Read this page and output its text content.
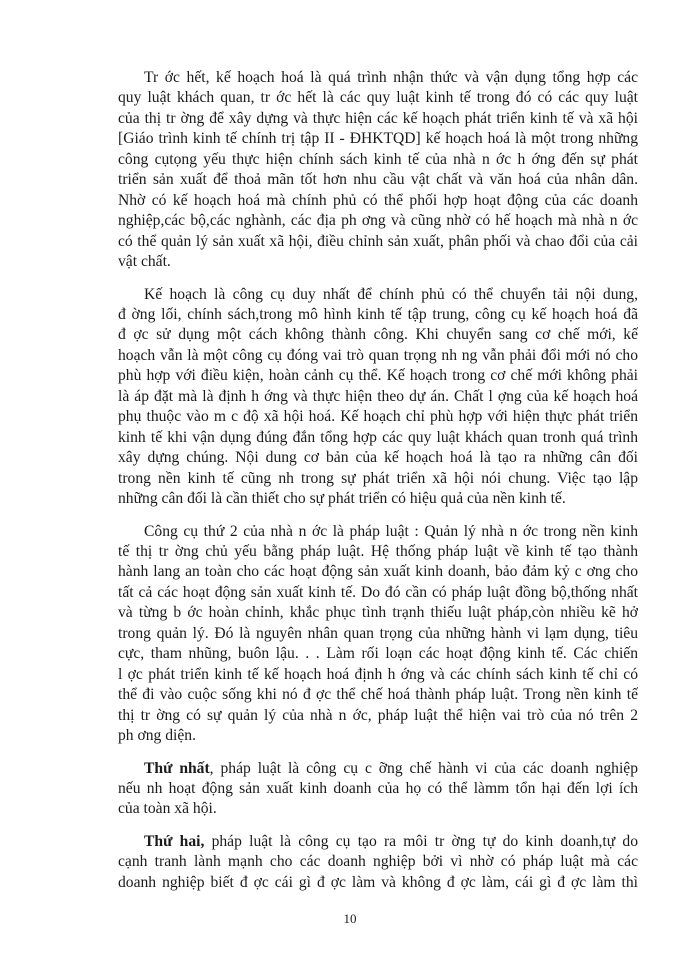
Tr ớc hết, kế hoạch hoá là quá trình nhận thức và vận dụng tổng hợp các
quy luật khách quan, tr ớc hết là các quy luật kinh tế trong đó có các quy luật
của thị tr ờng để xây dựng và thực hiện các kế hoạch phát triển kinh tế và xã hội
[Giáo trình kinh tế chính trị tập II - ĐHKTQD] kế hoạch hoá là một trong những
công cụtọng yếu thực hiện chính sách kinh tế của nhà n ớc h ớng đến sự phát
triển sản xuất để thoả mãn tốt hơn nhu cầu vật chất và văn hoá của nhân dân.
Nhờ có kế hoạch hoá mà chính phủ có thể phối hợp hoạt động của các doanh
nghiệp,các bộ,các nghành, các địa ph ơng và cũng nhờ có hế hoạch mà nhà n ớc
có thể quản lý sản xuất xã hội, điều chỉnh sản xuất, phân phối và chao đổi của cải
vật chất.
Kế hoạch là công cụ duy nhất để chính phủ có thể chuyển tải nội dung,
đ ờng lối, chính sách,trong mô hình kinh tế tập trung, công cụ kế hoạch hoá đã
đ ợc sử dụng một cách không thành công. Khi chuyển sang cơ chế mới, kế
hoạch vẫn là một công cụ đóng vai trò quan trọng nh ng vẫn phải đổi mới nó cho
phù hợp với điều kiện, hoàn cảnh cụ thể. Kế hoạch trong cơ chế mới không phải
là áp đặt mà là định h ớng và thực hiện theo dự án. Chất l ợng của kế hoạch hoá
phụ thuộc vào m c độ xã hội hoá. Kế hoạch chỉ phù hợp với hiện thực phát triển
kinh tế khi vận dụng đúng đắn tổng hợp các quy luật khách quan tronh quá trình
xây dựng chúng. Nội dung cơ bản của kế hoạch hoá là tạo ra những cân đối
trong nền kinh tế cũng nh trong sự phát triển xã hội nói chung. Việc tạo lập
những cân đối là cần thiết cho sự phát triển có hiệu quả của nền kinh tế.
Công cụ thứ 2 của nhà n ớc là pháp luật : Quản lý nhà n ớc trong nền kinh
tế thị tr ờng chủ yếu bằng pháp luật. Hệ thống pháp luật về kinh tế tạo thành
hành lang an toàn cho các hoạt động sản xuất kinh doanh, bảo đảm kỷ c ơng cho
tất cả các hoạt động sản xuất kinh tế. Do đó cần có pháp luật đồng bộ,thống nhất
và từng b ớc hoàn chỉnh, khắc phục tình trạnh thiếu luật pháp,còn nhiều kẽ hở
trong quản lý. Đó là nguyên nhân quan trọng của những hành vi lạm dụng, tiêu
cực, tham nhũng, buôn lậu. . . Làm rối loạn các hoạt động kinh tế. Các chiến
l ợc phát triển kinh tế kế hoạch hoá định h ớng và các chính sách kinh tế chỉ có
thể đi vào cuộc sống khi nó đ ợc thể chế hoá thành pháp luật. Trong nền kinh tế
thị tr ờng có sự quản lý của nhà n ớc, pháp luật thể hiện vai trò của nó trên 2
ph ơng diện.
Thứ nhất, pháp luật là công cụ c ỡng chế hành vi của các doanh nghiệp
nếu nh hoạt động sản xuất kinh doanh của họ có thể làmm tổn hại đến lợi ích
của toàn xã hội.
Thứ hai, pháp luật là công cụ tạo ra môi tr ờng tự do kinh doanh,tự do
cạnh tranh lành mạnh cho các doanh nghiệp bởi vì nhờ có pháp luật mà các
doanh nghiệp biết đ ợc cái gì đ ợc làm và không đ ợc làm, cái gì đ ợc làm thì
10
